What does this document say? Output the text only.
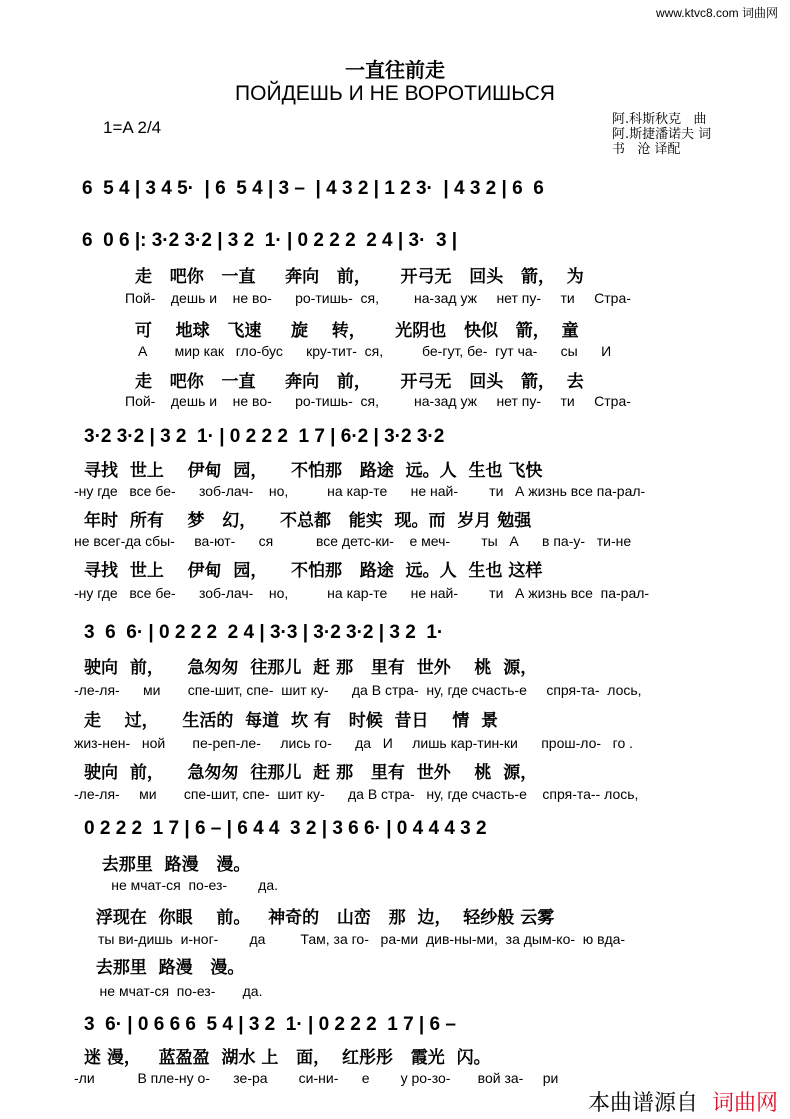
www.ktvc8.com 词曲网
一直往前走
ПОЙДЕШЬ И НЕ ВОРОТИШЬСЯ
1=A 2/4	阿.科斯秋克   曲
阿.斯捷潘诺夫 词
书   沧 译配
6  5 4 | 3 4 5·  | 6  5 4 | 3 –  | 4 3 2 | 1 2 3·  | 4 3 2 | 6  6
6  0 6 |: 3·2 3·2 | 3 2  1· | 0 2 2 2  2 4 | 3·  3 |
走   吧你   一直     奔向   前，     开弓无   回头   箭，  为
Пой-    дешь и    не во-      ро-тишь-  ся,         на-зад уж     нет пу-     ти     Стра-
可    地球   飞速     旋    转，     光阴也   快似   箭，  童
А       мир как   гло-бус      кру-тит-  ся,          бе-гут, бе-  гут ча-      сы      И
走   吧你   一直     奔向   前，     开弓无   回头   箭，  去
Пой-    дешь и    не во-      ро-тишь-  ся,         на-зад уж     нет пу-     ти     Стра-
3·2 3·2 | 3 2  1· | 0 2 2 2  1 7 | 6·2 | 3·2 3·2
寻找  世上    伊甸  园，    不怕那   路途  远。人  生也 飞快
-ну где   все бе-      зоб-лач-    но,          на кар-те      не най-        ти   А жизнь все па-рал-
年时  所有    梦   幻，    不总都   能实  现。而  岁月 勉强
не всег-да сбы-     ва-ют-      ся           все детс-ки-    е меч-        ты   А      в па-у-   ти-не
寻找  世上    伊甸  园，    不怕那   路途  远。人  生也 这样
-ну где   все бе-      зоб-лач-    но,          на кар-те      не най-        ти   А жизнь все  па-рал-
3  6  6· | 0 2 2 2  2 4 | 3·3 | 3·2 3·2 | 3 2  1·
驶向  前，    急匆匆  往那儿  赶 那   里有  世外    桃  源，
-ле-ля-      ми       спе-шит, спе-  шит ку-      да В стра-  ну, где счасть-е     спря-та-  лось,
走    过，    生活的  每道  坎 有   时候  昔日    情  景
жиз-нен-   ной       пе-реп-ле-     лись го-      да   И     лишь кар-тин-ки      прош-ло-   го .
驶向  前，    急匆匆  往那儿  赶 那   里有  世外    桃  源，
-ле-ля-     ми       спе-шит, спе-  шит ку-      да В стра-   ну, где счасть-е    спря-та-- лось,
0 2 2 2  1 7 | 6 – | 6 4 4  3 2 | 3 6 6· | 0 4 4 4 3 2
去那里  路漫   漫。
не мчат-ся  по-ез-        да.
浮现在  你眼    前。   神奇的   山峦   那  边，  轻纱般 云雾
ты ви-дишь  и-ног-        да         Там, за го-   ра-ми  див-ны-ми,  за дым-ко-  ю вда-
去那里  路漫   漫。
не мчат-ся  по-ез-       да.
3  6· | 0 6 6 6  5 4 | 3 2  1· | 0 2 2 2  1 7 | 6 –
迷 漫，   蓝盈盈  湖水 上   面，  红彤彤   霞光  闪。
-ли           В пле-ну о-      зе-ра        си-ни-      е        у ро-зо-       вой за-     ри
本曲谱源自 词曲网
